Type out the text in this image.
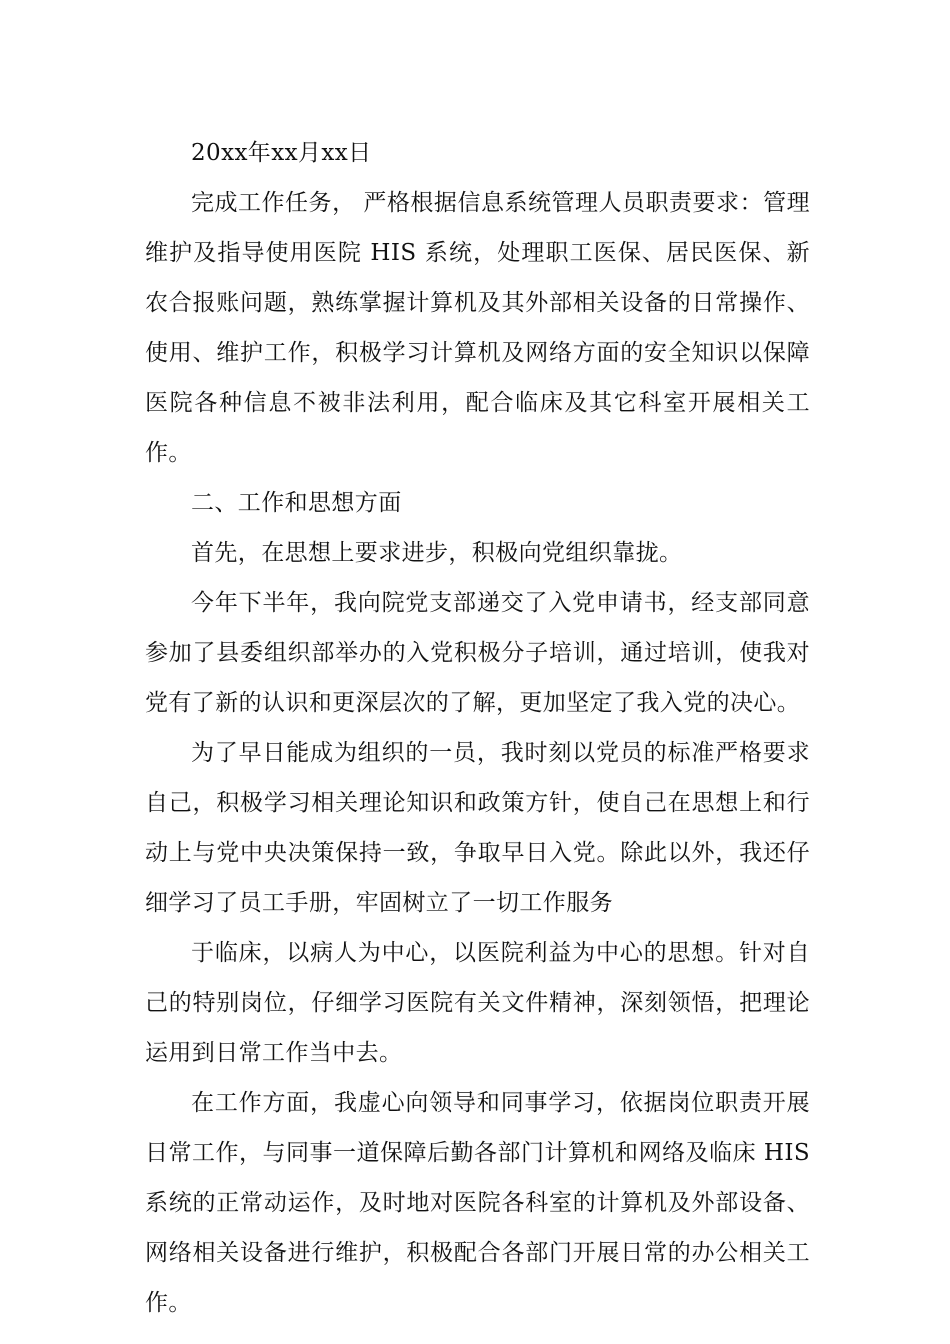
20xx年xx月xx日

完成工作任务， 严格根据信息系统管理人员职责要求：管理维护及指导使用医院 HIS 系统，处理职工医保、居民医保、新农合报账问题，熟练掌握计算机及其外部相关设备的日常操作、使用、维护工作，积极学习计算机及网络方面的安全知识以保障医院各种信息不被非法利用，配合临床及其它科室开展相关工作。

二、工作和思想方面

首先，在思想上要求进步，积极向党组织靠拢。

今年下半年，我向院党支部递交了入党申请书，经支部同意参加了县委组织部举办的入党积极分子培训，通过培训，使我对党有了新的认识和更深层次的了解，更加坚定了我入党的决心。

为了早日能成为组织的一员，我时刻以党员的标准严格要求自己，积极学习相关理论知识和政策方针，使自己在思想上和行动上与党中央决策保持一致，争取早日入党。除此以外，我还仔细学习了员工手册，牢固树立了一切工作服务

于临床，以病人为中心，以医院利益为中心的思想。针对自己的特别岗位，仔细学习医院有关文件精神，深刻领悟，把理论运用到日常工作当中去。

在工作方面，我虚心向领导和同事学习，依据岗位职责开展日常工作，与同事一道保障后勤各部门计算机和网络及临床 HIS 系统的正常动运作，及时地对医院各科室的计算机及外部设备、网络相关设备进行维护，积极配合各部门开展日常的办公相关工作。
